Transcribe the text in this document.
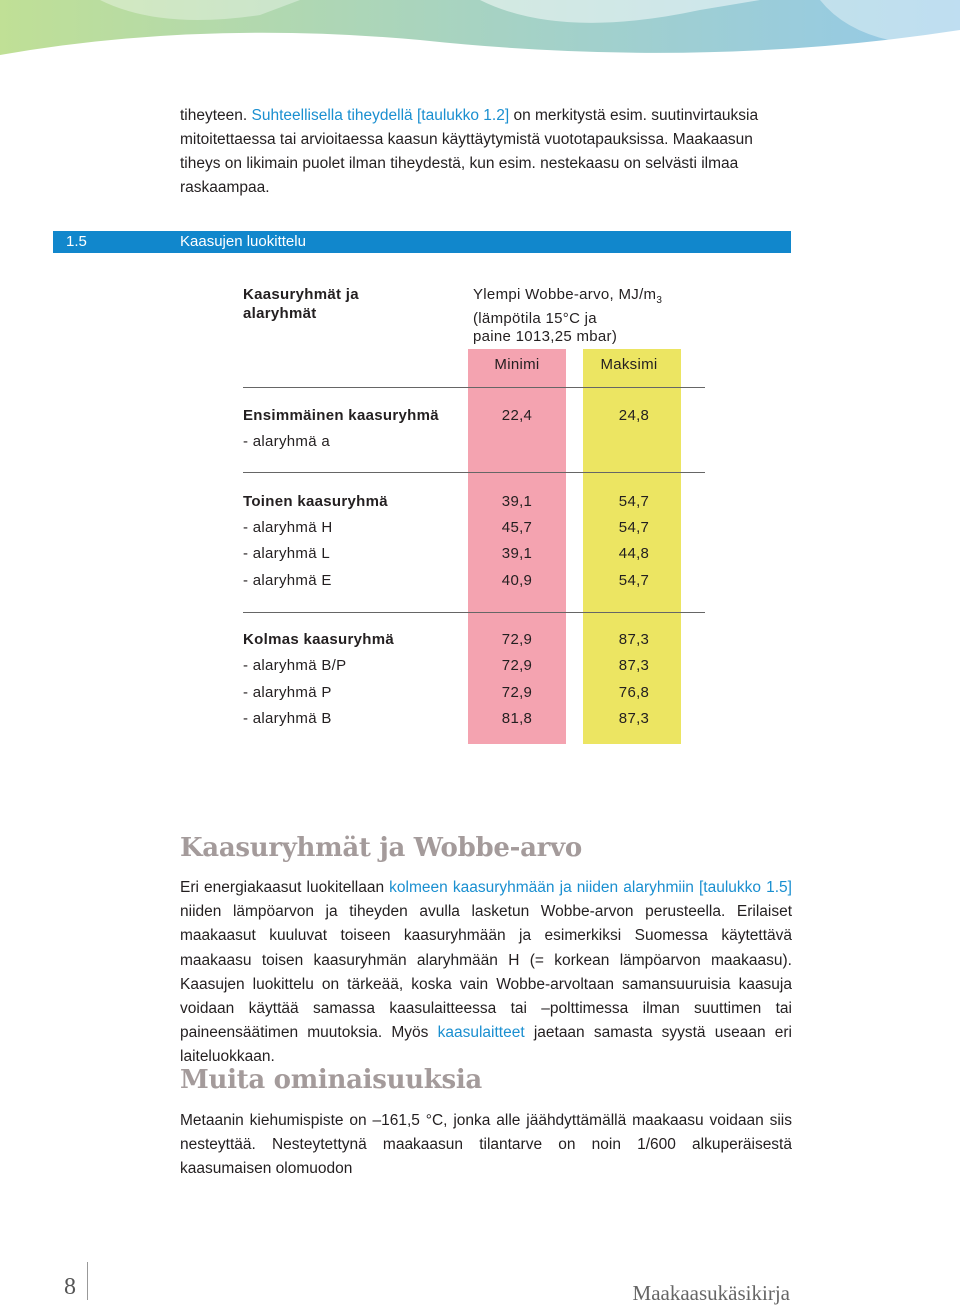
tiheyteen. Suhteellisella tiheydellä [taulukko 1.2] on merkitystä esim. suutinvirtauksia mitoitettaessa tai arvioitaessa kaasun käyttäytymistä vuototapauksissa. Maakaasun tiheys on likimain puolet ilman tiheydestä, kun esim. nestekaasu on selvästi ilmaa raskaampaa.
1.5	Kaasujen luokittelu
Kaasuryhmät ja alaryhmät
Ylempi Wobbe-arvo, $MJ/m_3$
(lämpötila 15°C ja
paine 1013,25 mbar)
Minimi	Maksimi
Ensimmäinen kaasuryhmä	22,4	24,8
- alaryhmä a
Toinen kaasuryhmä	39,1	54,7
- alaryhmä H	45,7	54,7
- alaryhmä L	39,1	44,8
- alaryhmä E	40,9	54,7
Kolmas kaasuryhmä	72,9	87,3
- alaryhmä B/P	72,9	87,3
- alaryhmä P	72,9	76,8
- alaryhmä B	81,8	87,3
Kaasuryhmät ja Wobbe-arvo
Eri energiakaasut luokitellaan kolmeen kaasuryhmään ja niiden alaryhmiin [taulukko 1.5] niiden lämpöarvon ja tiheyden avulla lasketun Wobbe-arvon perusteella. Erilaiset maakaasut kuuluvat toiseen kaasuryhmään ja esimerkiksi Suomessa käytettävä maakaasu toisen kaasuryhmän alaryhmään H (= korkean lämpöarvon maakaasu). Kaasujen luokittelu on tärkeää, koska vain Wobbe-arvoltaan samansuuruisia kaasuja voidaan käyttää samassa kaasulaitteessa tai –polttimessa ilman suuttimen tai paineensäätimen muutoksia. Myös kaasulaitteet jaetaan samasta syystä useaan eri laiteluokkaan.
Muita ominaisuuksia
Metaanin kiehumispiste on –161,5 °C, jonka alle jäähdyttämällä maakaasu voidaan siis nesteyttää. Nesteytettynä maakaasun tilantarve on noin 1/600 alkuperäisestä kaasumaisen olomuodon
8	Maakaasukäsikirja
